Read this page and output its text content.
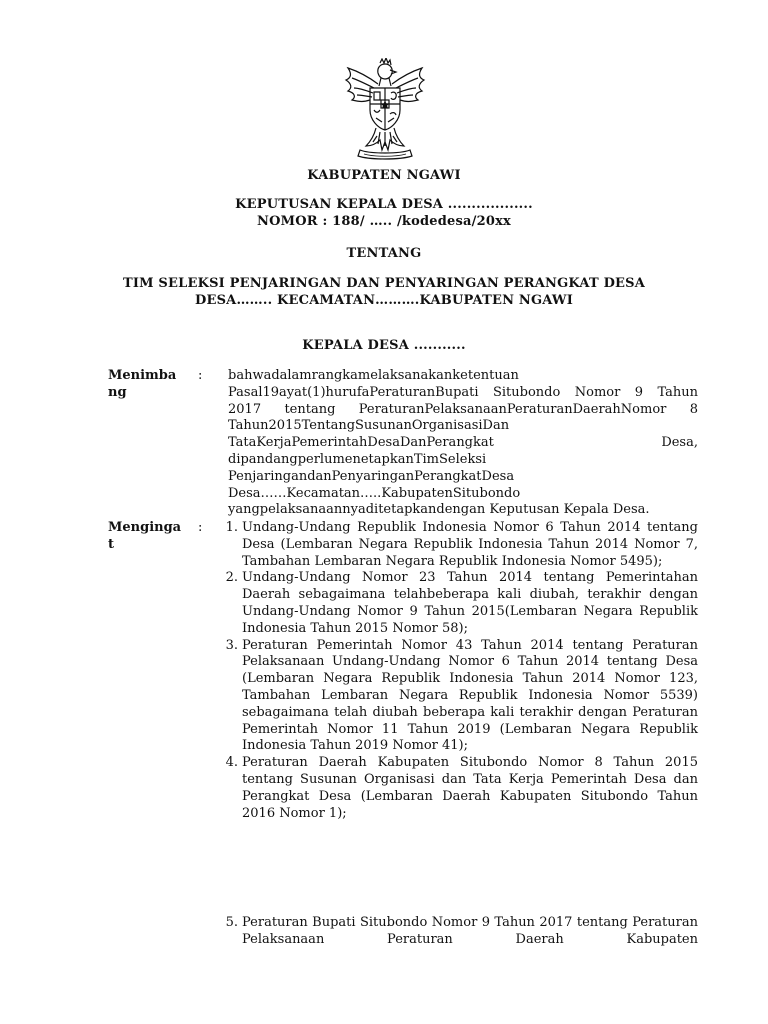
KABUPATEN NGAWI
KEPUTUSAN KEPALA DESA ..................
NOMOR : 188/ ….. /kodedesa/20xx
TENTANG
TIM SELEKSI PENJARINGAN DAN PENYARINGAN PERANGKAT DESA
DESA…….. KECAMATAN……….KABUPATEN NGAWI
KEPALA DESA ...........
Menimba
ng
: bahwadalamrangkamelaksanakanketentuan
Pasal19ayat(1)hurufaPeraturanBupati Situbondo Nomor 9 Tahun
2017 tentang PeraturanPelaksanaanPeraturanDaerahNomor 8
Tahun2015TentangSusunanOrganisasiDan
TataKerjaPemerintahDesaDanPerangkat Desa,
dipandangperlumenetapkanTimSeleksi
PenjaringandanPenyaringanPerangkatDesa
Desa……Kecamatan…..KabupatenSitubondo
yangpelaksanaannyaditetapkandengan Keputusan Kepala Desa.
Menginga
t
:	1. Undang-Undang Republik Indonesia Nomor 6 Tahun 2014 tentang Desa (Lembaran Negara Republik Indonesia Tahun 2014 Nomor 7, Tambahan Lembaran Negara Republik Indonesia Nomor 5495);
2. Undang-Undang Nomor 23 Tahun 2014 tentang Pemerintahan Daerah sebagaimana telahbeberapa kali diubah, terakhir dengan Undang-Undang Nomor 9 Tahun 2015(Lembaran Negara Republik Indonesia Tahun 2015 Nomor 58);
3. Peraturan Pemerintah Nomor 43 Tahun 2014 tentang Peraturan Pelaksanaan Undang-Undang Nomor 6 Tahun 2014 tentang Desa (Lembaran Negara Republik Indonesia Tahun 2014 Nomor 123, Tambahan Lembaran Negara Republik Indonesia Nomor 5539) sebagaimana telah diubah beberapa kali terakhir dengan Peraturan Pemerintah Nomor 11 Tahun 2019 (Lembaran Negara Republik Indonesia Tahun 2019 Nomor 41);
4. Peraturan Daerah Kabupaten Situbondo Nomor 8 Tahun 2015 tentang Susunan Organisasi dan Tata Kerja Pemerintah Desa dan Perangkat Desa (Lembaran Daerah Kabupaten Situbondo Tahun 2016 Nomor 1);
5. Peraturan Bupati Situbondo Nomor 9 Tahun 2017 tentang Peraturan Pelaksanaan Peraturan Daerah Kabupaten
